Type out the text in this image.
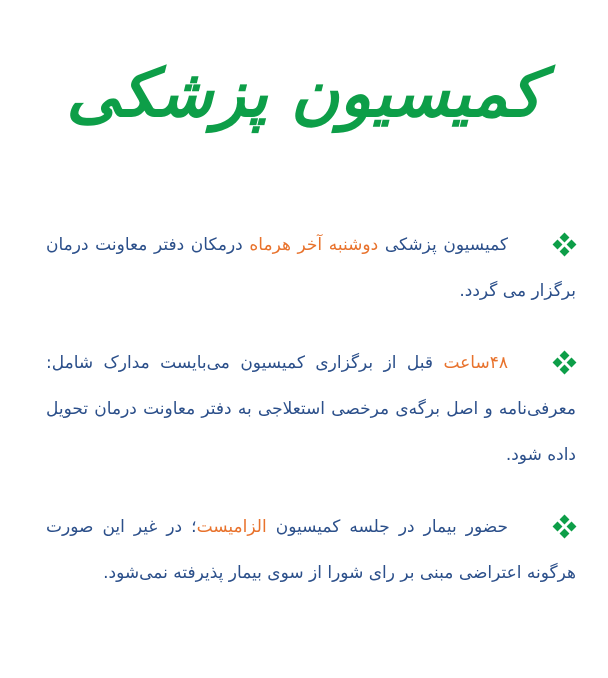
کمیسیون پزشکی
کمیسیون پزشکی دوشنبه آخر هرماه درمکان دفتر معاونت درمان برگزار می گردد.
۴۸ساعت قبل از برگزاری کمیسیون می‌بایست مدارک شامل: معرفی‌نامه و اصل برگه‌ی مرخصی استعلاجی به دفتر معاونت درمان تحویل داده شود.
حضور بیمار در جلسه کمیسیون الزامیست؛ در غیر این صورت هرگونه اعتراضی مبنی بر رای شورا از سوی بیمار پذیرفته نمی‌شود.
